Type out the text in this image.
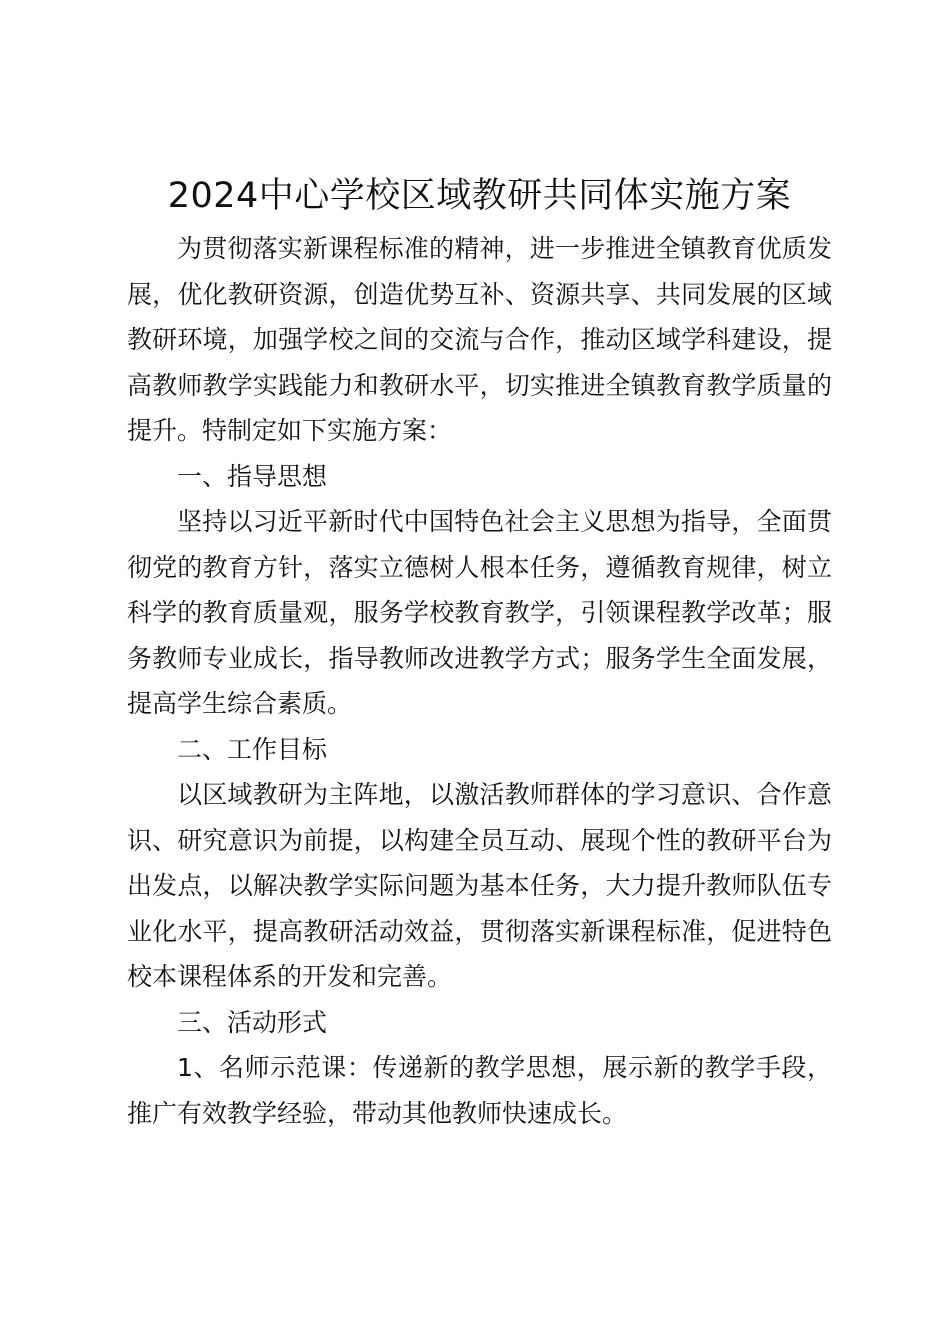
2024中心学校区域教研共同体实施方案

为贯彻落实新课程标准的精神，进一步推进全镇教育优质发展，优化教研资源，创造优势互补、资源共享、共同发展的区域教研环境，加强学校之间的交流与合作，推动区域学科建设，提高教师教学实践能力和教研水平，切实推进全镇教育教学质量的提升。特制定如下实施方案：

一、指导思想

坚持以习近平新时代中国特色社会主义思想为指导，全面贯彻党的教育方针，落实立德树人根本任务，遵循教育规律，树立科学的教育质量观，服务学校教育教学，引领课程教学改革；服务教师专业成长，指导教师改进教学方式；服务学生全面发展，提高学生综合素质。

二、工作目标

以区域教研为主阵地，以激活教师群体的学习意识、合作意识、研究意识为前提，以构建全员互动、展现个性的教研平台为出发点，以解决教学实际问题为基本任务，大力提升教师队伍专业化水平，提高教研活动效益，贯彻落实新课程标准，促进特色校本课程体系的开发和完善。

三、活动形式

1、名师示范课：传递新的教学思想，展示新的教学手段，推广有效教学经验，带动其他教师快速成长。
